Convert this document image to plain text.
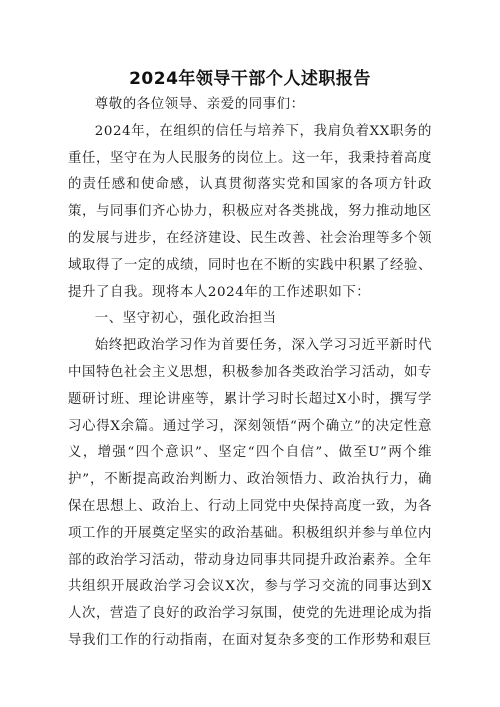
2024年领导干部个人述职报告

尊敬的各位领导、亲爱的同事们：

2024年，在组织的信任与培养下，我肩负着XX职务的重任，坚守在为人民服务的岗位上。这一年，我秉持着高度的责任感和使命感，认真贯彻落实党和国家的各项方针政策，与同事们齐心协力，积极应对各类挑战，努力推动地区的发展与进步，在经济建设、民生改善、社会治理等多个领域取得了一定的成绩，同时也在不断的实践中积累了经验、提升了自我。现将本人2024年的工作述职如下：

一、坚守初心，强化政治担当

始终把政治学习作为首要任务，深入学习习近平新时代中国特色社会主义思想，积极参加各类政治学习活动，如专题研讨班、理论讲座等，累计学习时长超过X小时，撰写学习心得X余篇。通过学习，深刻领悟“两个确立”的决定性意义，增强“四个意识”、坚定“四个自信”、做至U”两个维护”，不断提高政治判断力、政治领悟力、政治执行力，确保在思想上、政治上、行动上同党中央保持高度一致，为各项工作的开展奠定坚实的政治基础。积极组织并参与单位内部的政治学习活动，带动身边同事共同提升政治素养。全年共组织开展政治学习会议X次，参与学习交流的同事达到X人次，营造了良好的政治学习氛围，使党的先进理论成为指导我们工作的行动指南，在面对复杂多变的工作形势和艰巨
